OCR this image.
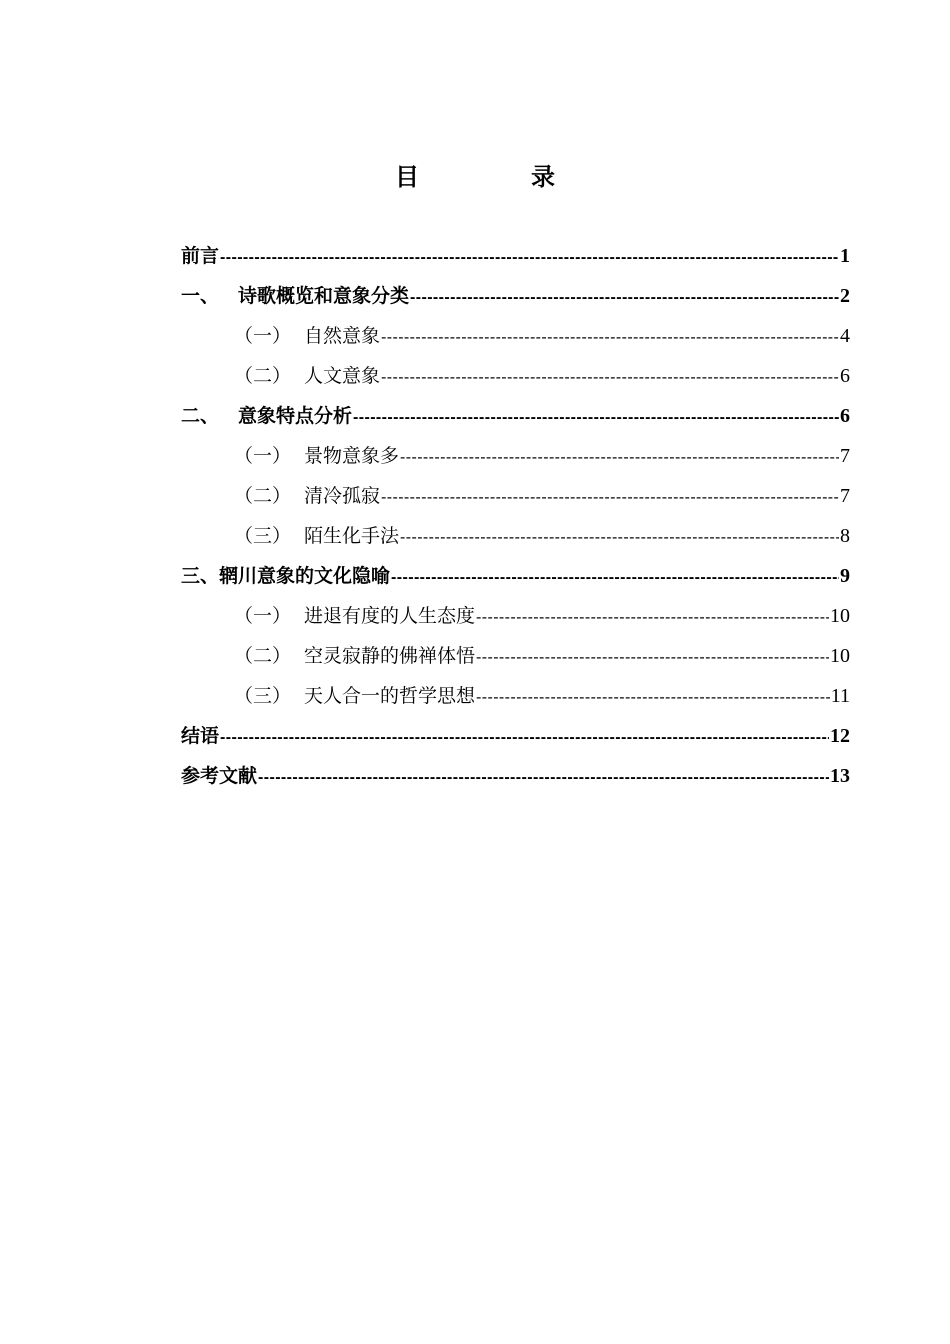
目　录
前言 -----	1
一、 诗歌概览和意象分类 -----	2
（一） 自然意象 -----	4
（二） 人文意象 -----	6
二、 意象特点分析 -----	6
（一） 景物意象多 -----	7
（二） 清冷孤寂 -----	7
（三） 陌生化手法 -----	8
三、 辋川意象的文化隐喻 -----	9
（一） 进退有度的人生态度 -----	10
（二） 空灵寂静的佛禅体悟 -----	10
（三） 天人合一的哲学思想 -----	11
结语 -----	12
参考文献 -----	13
